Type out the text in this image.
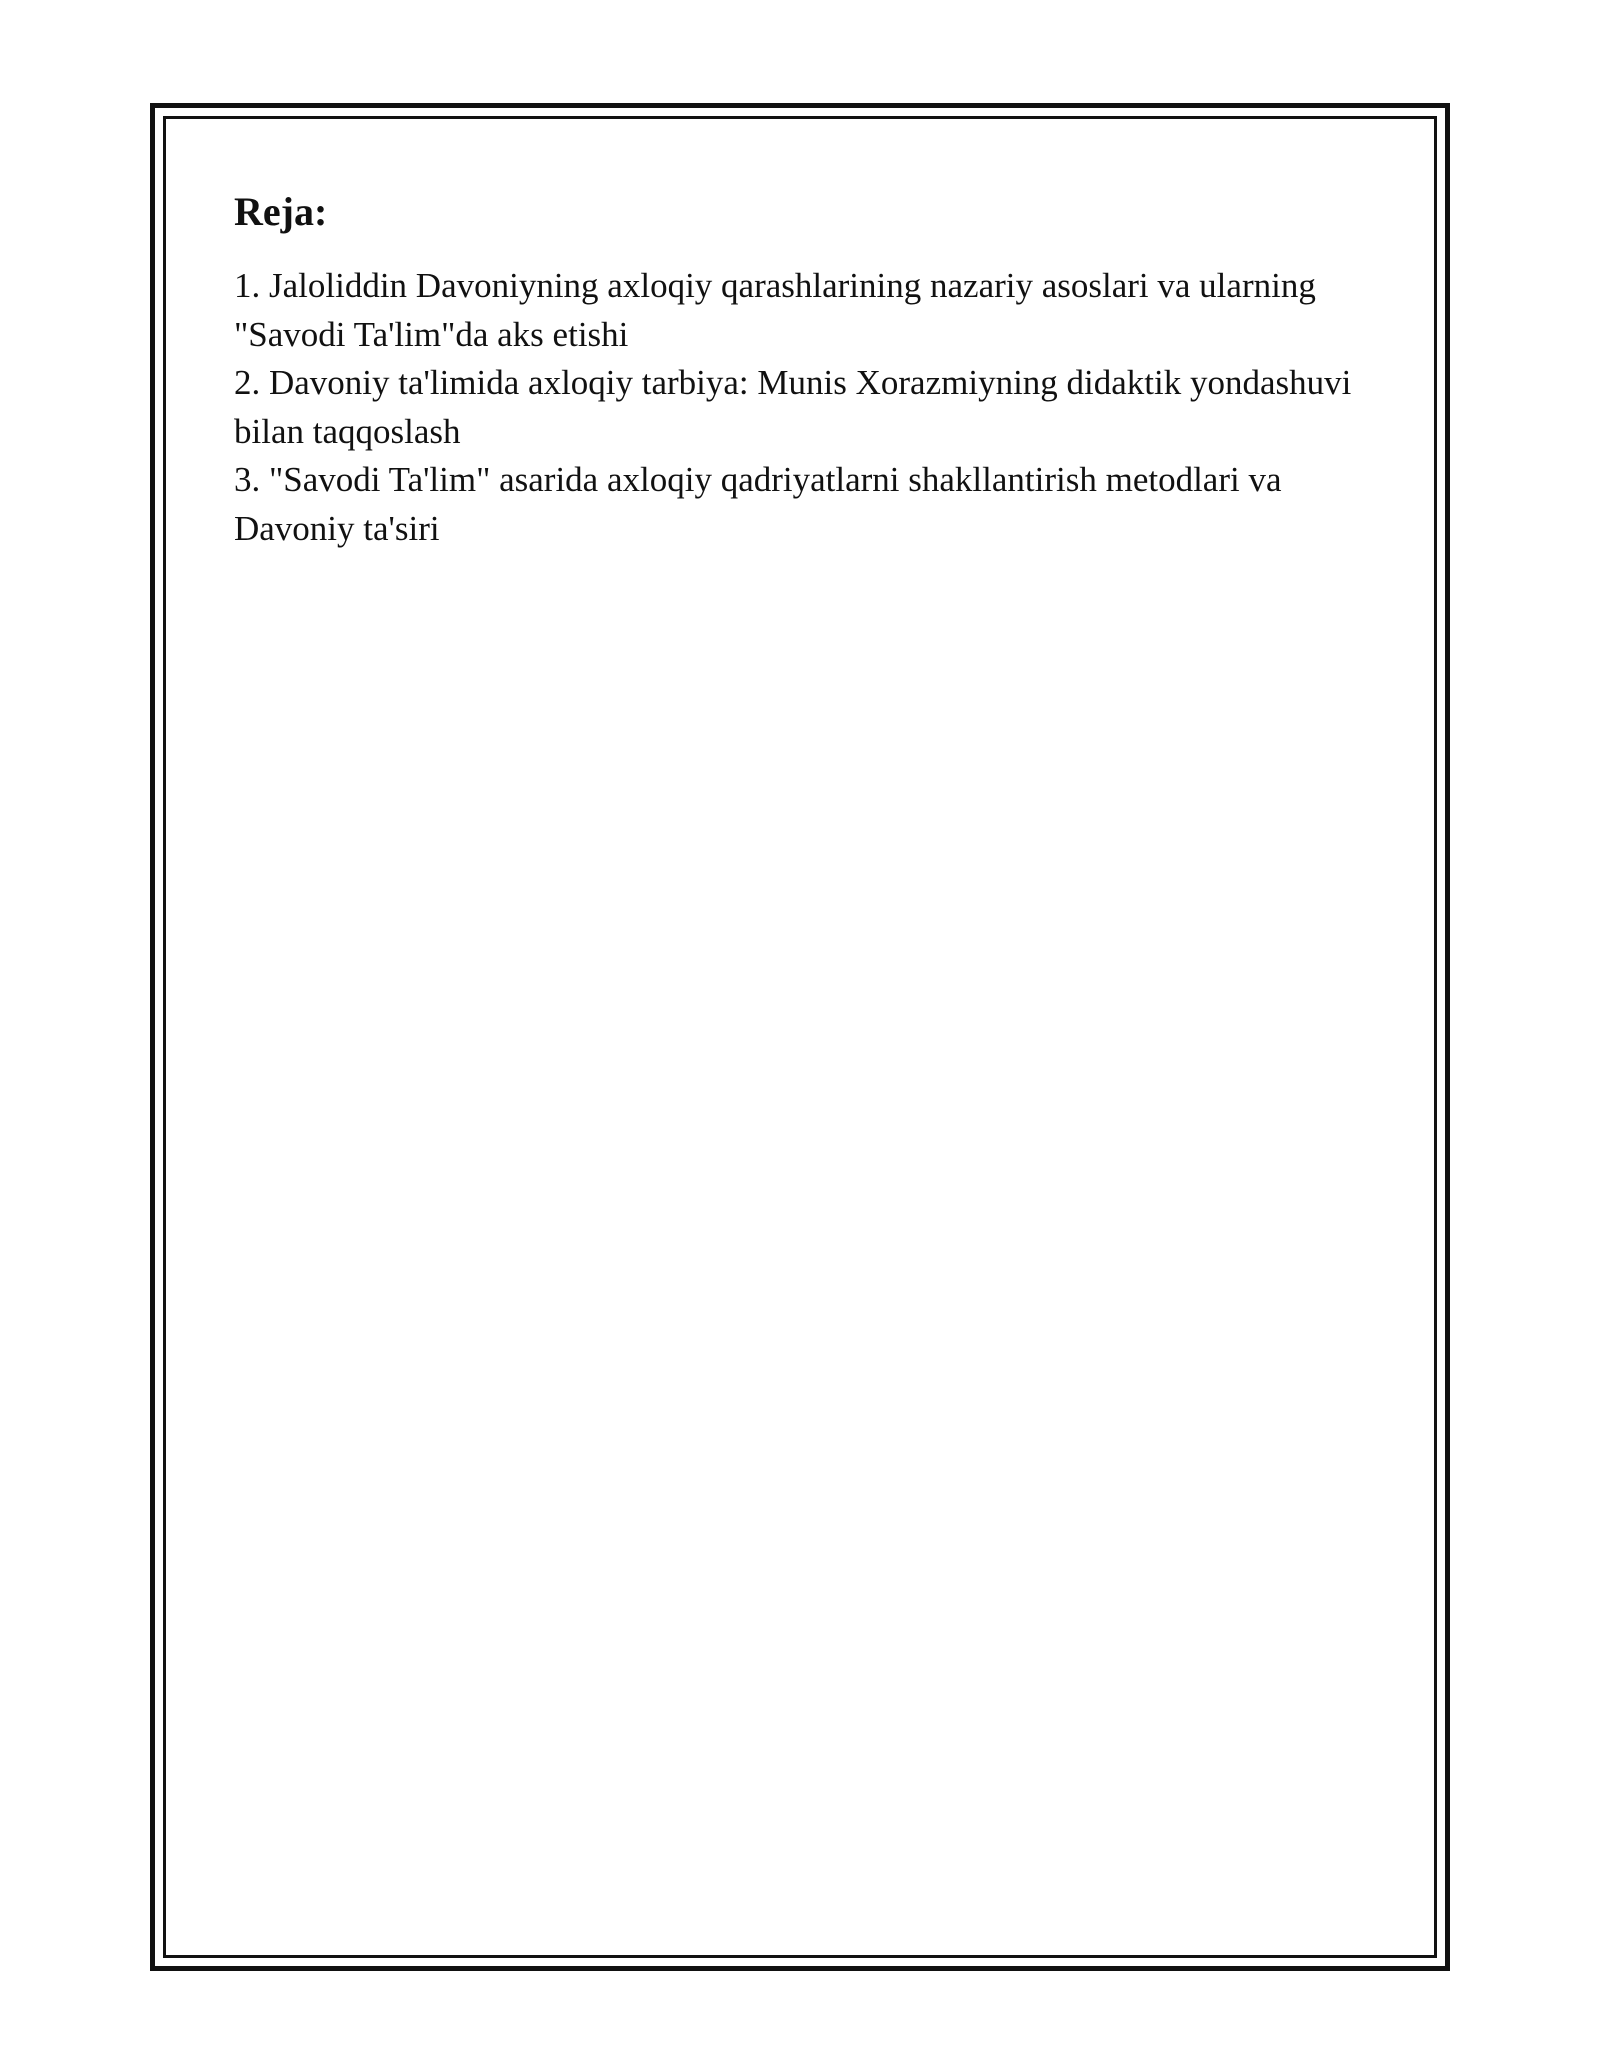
Reja:
1. Jaloliddin Davoniyning axloqiy qarashlarining nazariy asoslari va ularning "Savodi Ta'lim"da aks etishi
2. Davoniy ta'limida axloqiy tarbiya: Munis Xorazmiyning didaktik yondashuvi bilan taqqoslash
3. "Savodi Ta'lim" asarida axloqiy qadriyatlarni shakllantirish metodlari va Davoniy ta'siri
